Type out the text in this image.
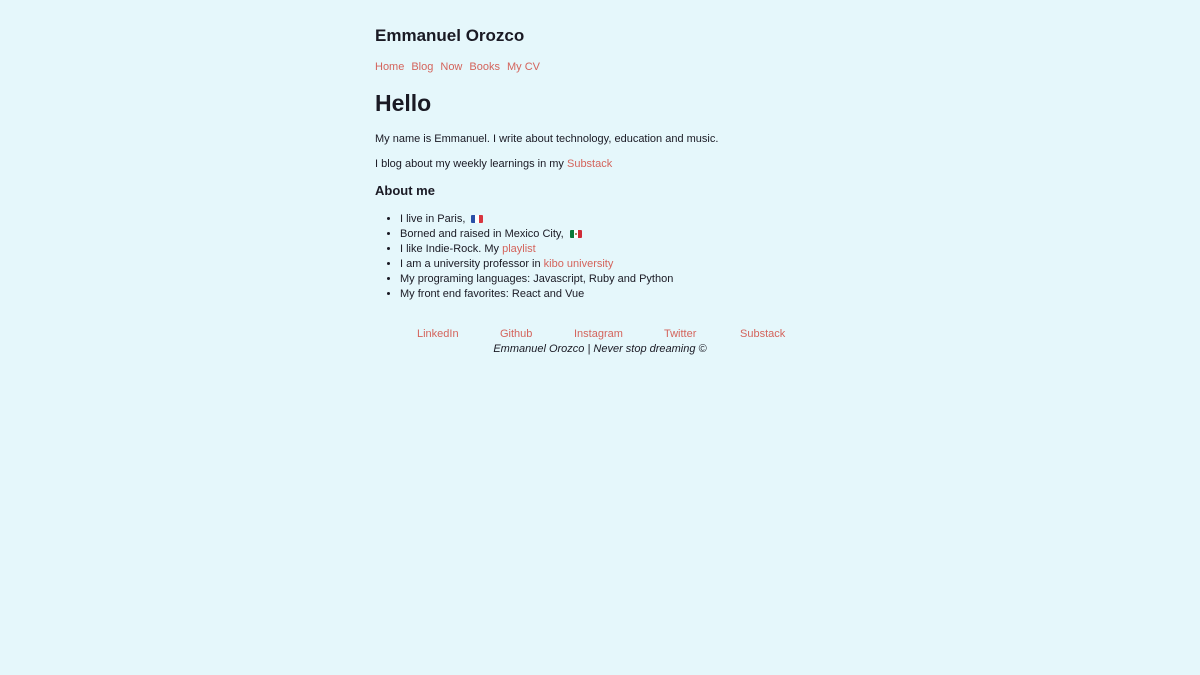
Emmanuel Orozco
Home Blog Now Books My CV
Hello

My name is Emmanuel. I write about technology, education and music.

I blog about my weekly learnings in my Substack

About me
• I live in Paris,
• Borned and raised in Mexico City,
• I like Indie-Rock. My playlist
• I am a university professor in kibo university
• My programing languages: Javascript, Ruby and Python
• My front end favorites: React and Vue
LinkedIn	Github	Instagram	Twitter	Substack
Emmanuel Orozco | Never stop dreaming ©
